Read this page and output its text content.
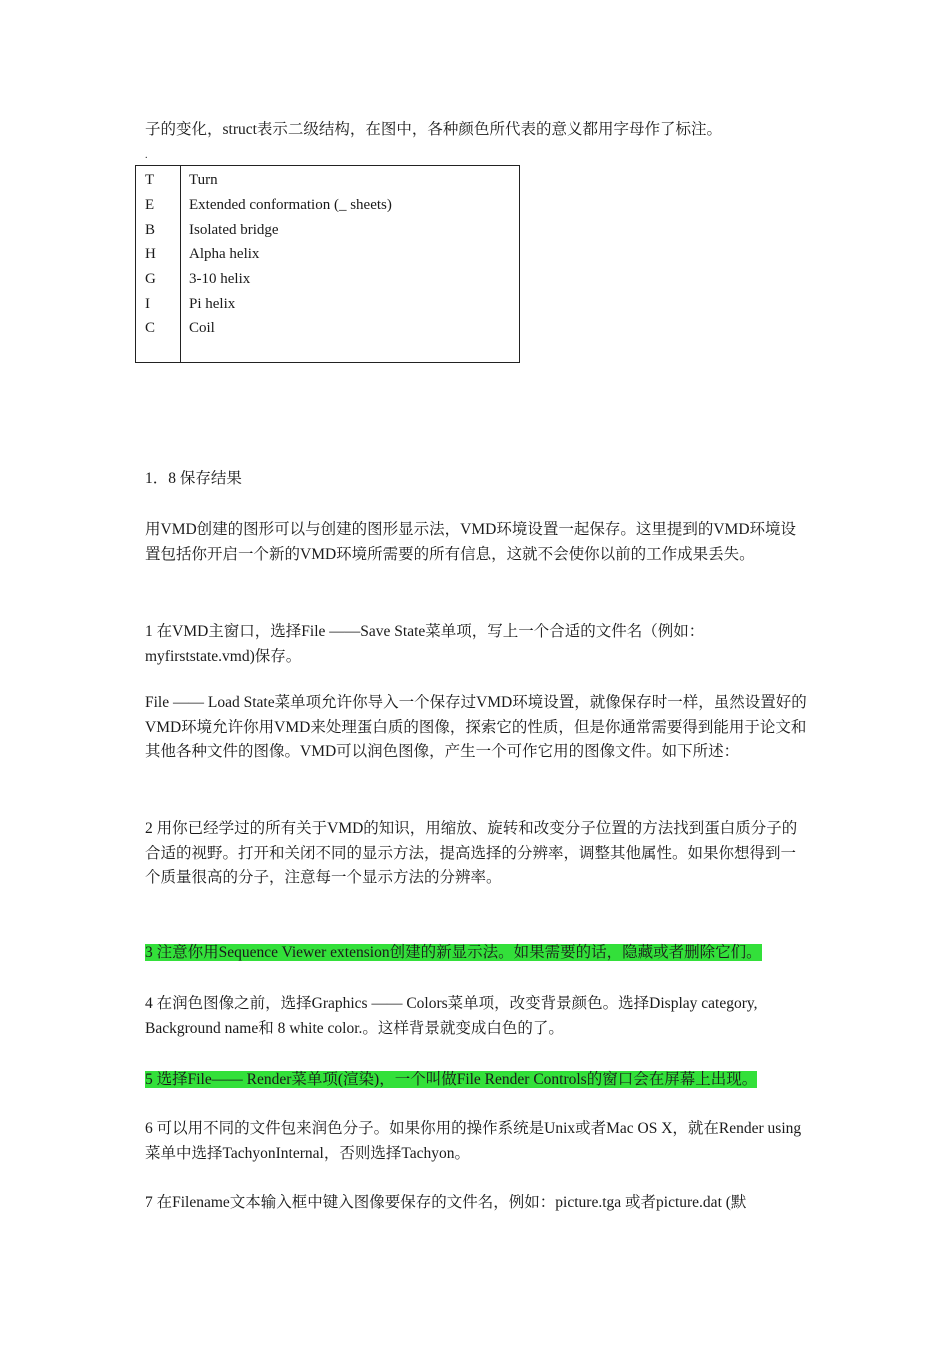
子的变化，struct表示二级结构，在图中，各种颜色所代表的意义都用字母作了标注。

.
T Turn
E Extended conformation (_ sheets)
B Isolated bridge
H Alpha helix
G 3-10 helix
I	Pi helix
C Coil

1．8 保存结果

用VMD创建的图形可以与创建的图形显示法，VMD环境设置一起保存。这里提到的VMD环境设置包括你开启一个新的VMD环境所需要的所有信息，这就不会使你以前的工作成果丢失。

1 在VMD主窗口，选择File ——Save State菜单项，写上一个合适的文件名（例如：myfirststate.vmd)保存。

File —— Load State菜单项允许你导入一个保存过VMD环境设置，就像保存时一样，虽然设置好的VMD环境允许你用VMD来处理蛋白质的图像，探索它的性质，但是你通常需要得到能用于论文和其他各种文件的图像。VMD可以润色图像，产生一个可作它用的图像文件。如下所述：

2 用你已经学过的所有关于VMD的知识，用缩放、旋转和改变分子位置的方法找到蛋白质分子的合适的视野。打开和关闭不同的显示方法，提高选择的分辨率，调整其他属性。如果你想得到一个质量很高的分子，注意每一个显示方法的分辨率。

3 注意你用Sequence Viewer extension创建的新显示法。如果需要的话，隐藏或者删除它们。

4 在润色图像之前，选择Graphics —— Colors菜单项，改变背景颜色。选择Display category, Background name和 8 white color.。这样背景就变成白色的了。

5 选择File—— Render菜单项(渲染)，一个叫做File Render Controls的窗口会在屏幕上出现。

6 可以用不同的文件包来润色分子。如果你用的操作系统是Unix或者Mac OS X，就在Render using菜单中选择TachyonInternal，否则选择Tachyon。

7 在Filename文本输入框中键入图像要保存的文件名，例如：picture.tga 或者picture.dat (默
